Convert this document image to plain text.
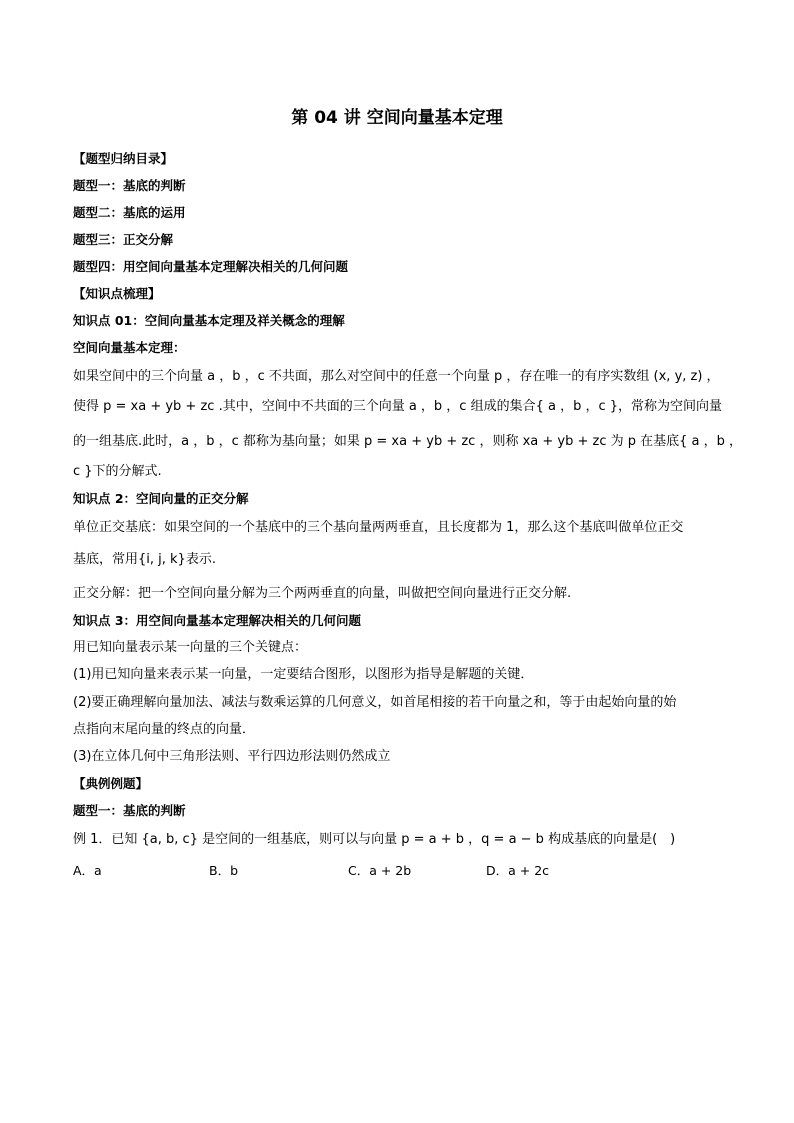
第 04 讲 空间向量基本定理
【题型归纳目录】
题型一：基底的判断
题型二：基底的运用
题型三：正交分解
题型四：用空间向量基本定理解决相关的几何问题
【知识点梳理】
知识点 01：空间向量基本定理及祥关概念的理解
空间向量基本定理：
如果空间中的三个向量 a ，b ，c 不共面，那么对空间中的任意一个向量 p ，存在唯一的有序实数组 (x, y, z) ，
使得 p = xa + yb + zc .其中，空间中不共面的三个向量 a ，b ，c 组成的集合{ a ，b ，c }，常称为空间向量
的一组基底.此时，a ，b ，c 都称为基向量；如果 p = xa + yb + zc ，则称 xa + yb + zc 为 p 在基底{ a ，b ，
c }下的分解式.
知识点 2：空间向量的正交分解
单位正交基底：如果空间的一个基底中的三个基向量两两垂直，且长度都为 1，那么这个基底叫做单位正交
基底，常用{i, j, k}表示.
正交分解：把一个空间向量分解为三个两两垂直的向量，叫做把空间向量进行正交分解.
知识点 3：用空间向量基本定理解决相关的几何问题
用已知向量表示某一向量的三个关键点：
(1)用已知向量来表示某一向量，一定要结合图形，以图形为指导是解题的关键．
(2)要正确理解向量加法、减法与数乘运算的几何意义，如首尾相接的若干向量之和，等于由起始向量的始
点指向末尾向量的终点的向量．
(3)在立体几何中三角形法则、平行四边形法则仍然成立
【典例例题】
题型一：基底的判断
例 1．已知 {a, b, c} 是空间的一组基底，则可以与向量 p = a + b ，q = a − b 构成基底的向量是(　)
A．a	B．b	C．a + 2b	D．a + 2c
